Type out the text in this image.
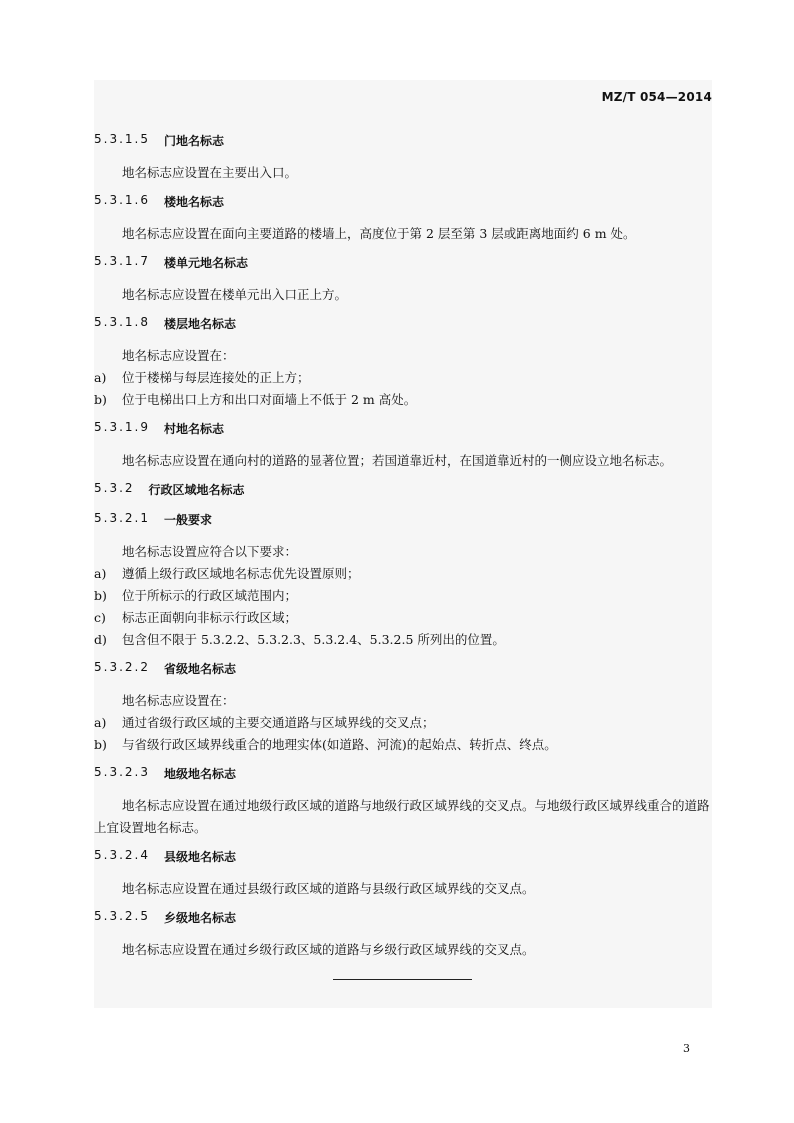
MZ/T 054—2014
5.3.1.5 门地名标志

地名标志应设置在主要出入口。

5.3.1.6 楼地名标志

地名标志应设置在面向主要道路的楼墙上，高度位于第 2 层至第 3 层或距离地面约 6 m 处。

5.3.1.7 楼单元地名标志

地名标志应设置在楼单元出入口正上方。

5.3.1.8 楼层地名标志

地名标志应设置在：

a)	位于楼梯与每层连接处的正上方；
b)	位于电梯出口上方和出口对面墙上不低于 2 m 高处。
5.3.1.9 村地名标志

地名标志应设置在通向村的道路的显著位置；若国道靠近村，在国道靠近村的一侧应设立地名标志。

5.3.2 行政区域地名标志
5.3.2.1 一般要求

地名标志设置应符合以下要求：

a)	遵循上级行政区域地名标志优先设置原则；
b)	位于所标示的行政区域范围内；
c)	标志正面朝向非标示行政区域；
d)	包含但不限于 5.3.2.2、5.3.2.3、5.3.2.4、5.3.2.5 所列出的位置。
5.3.2.2 省级地名标志

地名标志应设置在：

a)	通过省级行政区域的主要交通道路与区域界线的交叉点；
b)	与省级行政区域界线重合的地理实体(如道路、河流)的起始点、转折点、终点。
5.3.2.3 地级地名标志

地名标志应设置在通过地级行政区域的道路与地级行政区域界线的交叉点。与地级行政区域界线重合的道路上宜设置地名标志。

5.3.2.4 县级地名标志

地名标志应设置在通过县级行政区域的道路与县级行政区域界线的交叉点。

5.3.2.5 乡级地名标志

地名标志应设置在通过乡级行政区域的道路与乡级行政区域界线的交叉点。

3
